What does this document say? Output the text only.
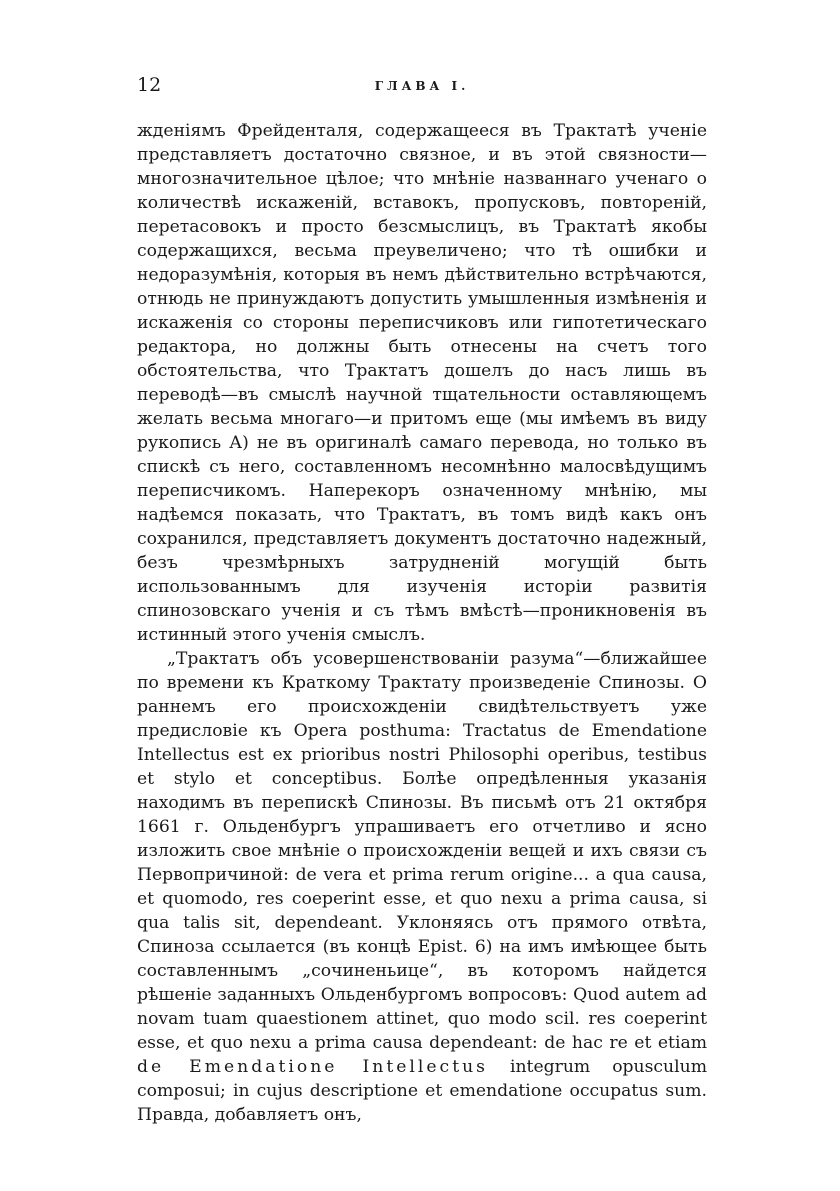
12	ГЛАВА I.

жденіямъ Фрейденталя, содержащееся въ Трактатѣ ученіе представляетъ достаточно связное, и въ этой связности—многозначительное цѣлое; что мнѣніе названнаго ученаго о количествѣ искаженій, вставокъ, пропусковъ, повтореній, перетасовокъ и просто безсмыслицъ, въ Трактатѣ якобы содержащихся, весьма преувеличено; что тѣ ошибки и недоразумѣнія, которыя въ немъ дѣйствительно встрѣчаются, отнюдь не принуждаютъ допустить умышленныя измѣненія и искаженія со стороны переписчиковъ или гипотетическаго редактора, но должны быть отнесены на счетъ того обстоятельства, что Трактатъ дошелъ до насъ лишь въ переводѣ—въ смыслѣ научной тщательности оставляющемъ желать весьма многаго—и притомъ еще (мы имѣемъ въ виду рукопись А) не въ оригиналѣ самаго перевода, но только въ спискѣ съ него, составленномъ несомнѣнно малосвѣдущимъ переписчикомъ. Наперекоръ означенному мнѣнію, мы надѣемся показать, что Трактатъ, въ томъ видѣ какъ онъ сохранился, представляетъ документъ достаточно надежный, безъ чрезмѣрныхъ затрудненій могущій быть использованнымъ для изученія исторіи развитія спинозовскаго ученія и съ тѣмъ вмѣстѣ—проникновенія въ истинный этого ученія смыслъ.

„Трактатъ объ усовершенствованіи разума“—ближайшее по времени къ Краткому Трактату произведеніе Спинозы. О раннемъ его происхожденіи свидѣтельствуетъ уже предисловіе къ Opera posthuma: Tractatus de Emendatione Intellectus est ex prioribus nostri Philosophi operibus, testibus et stylo et conceptibus. Болѣе опредѣленныя указанія находимъ въ перепискѣ Спинозы. Въ письмѣ отъ 21 октября 1661 г. Ольденбургъ упрашиваетъ его отчетливо и ясно изложить свое мнѣніе о происхожденіи вещей и ихъ связи съ Первопричиной: de vera et prima rerum origine... a qua causa, et quomodo, res coeperint esse, et quo nexu a prima causa, si qua talis sit, dependeant. Уклоняясь отъ прямого отвѣта, Спиноза ссылается (въ концѣ Epist. 6) на имъ имѣющее быть составленнымъ „сочиненьице“, въ которомъ найдется рѣшеніе заданныхъ Ольденбургомъ вопросовъ: Quod autem ad novam tuam quaestionem attinet, quo modo scil. res coeperint esse, et quo nexu a prima causa dependeant: de hac re et etiam de Emendatione Intellectus integrum opusculum composui; in cujus descriptione et emendatione occupatus sum. Правда, добавляетъ онъ,
